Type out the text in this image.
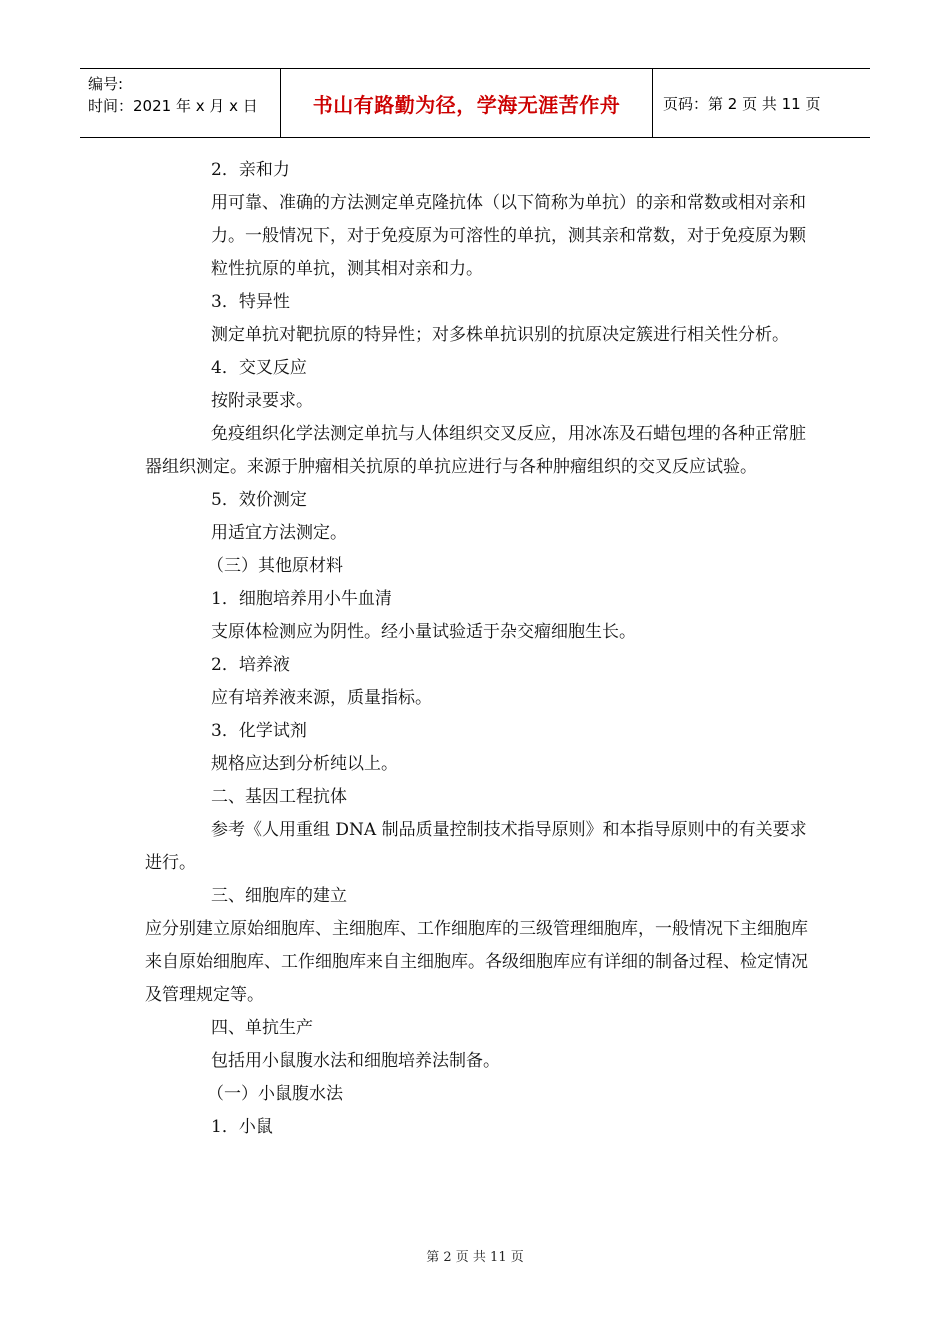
编号:
时间：2021 年 x 月 x 日	书山有路勤为径，学海无涯苦作舟	页码：第 2 页 共 11 页

2．亲和力

用可靠、准确的方法测定单克隆抗体（以下简称为单抗）的亲和常数或相对亲和力。一般情况下，对于免疫原为可溶性的单抗，测其亲和常数，对于免疫原为颗粒性抗原的单抗，测其相对亲和力。

3．特异性

测定单抗对靶抗原的特异性；对多株单抗识别的抗原决定簇进行相关性分析。

4．交叉反应

按附录要求。

免疫组织化学法测定单抗与人体组织交叉反应，用冰冻及石蜡包埋的各种正常脏器组织测定。来源于肿瘤相关抗原的单抗应进行与各种肿瘤组织的交叉反应试验。

5．效价测定

用适宜方法测定。

（三）其他原材料

1．细胞培养用小牛血清

支原体检测应为阴性。经小量试验适于杂交瘤细胞生长。

2．培养液

应有培养液来源，质量指标。

3．化学试剂

规格应达到分析纯以上。

二、基因工程抗体

参考《人用重组 DNA 制品质量控制技术指导原则》和本指导原则中的有关要求进行。

三、细胞库的建立

应分别建立原始细胞库、主细胞库、工作细胞库的三级管理细胞库，一般情况下主细胞库来自原始细胞库、工作细胞库来自主细胞库。各级细胞库应有详细的制备过程、检定情况及管理规定等。

四、单抗生产

包括用小鼠腹水法和细胞培养法制备。

（一）小鼠腹水法

1．小鼠

第 2 页 共 11 页
